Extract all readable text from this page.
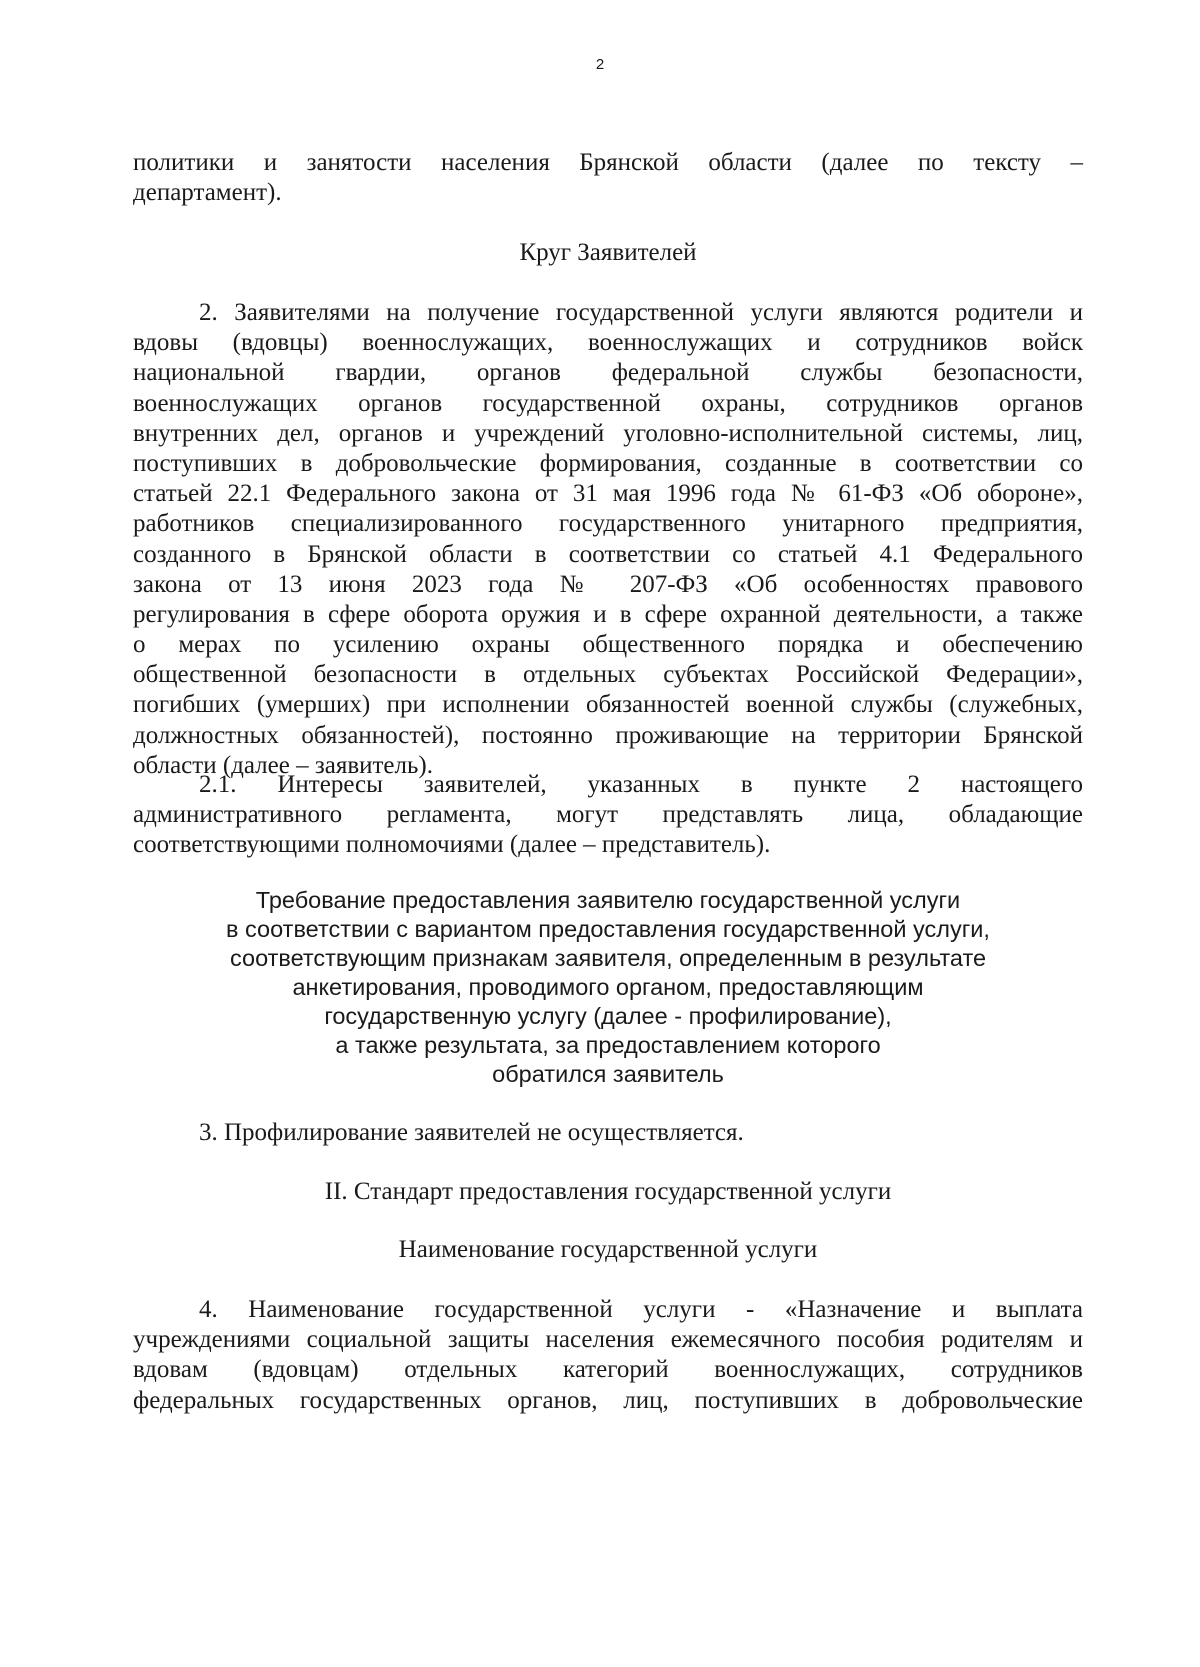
2
политики и занятости населения Брянской области (далее по тексту –
департамент).
Круг Заявителей
2. Заявителями на получение государственной услуги являются родители и
вдовы (вдовцы) военнослужащих, военнослужащих и сотрудников войск
национальной гвардии, органов федеральной службы безопасности,
военнослужащих органов государственной охраны, сотрудников органов
внутренних дел, органов и учреждений уголовно-исполнительной системы, лиц,
поступивших в добровольческие формирования, созданные в соответствии со
статьей 22.1 Федерального закона от 31 мая 1996 года № 61-ФЗ «Об обороне»,
работников специализированного государственного унитарного предприятия,
созданного в Брянской области в соответствии со статьей 4.1 Федерального
закона от 13 июня 2023 года № 207-ФЗ «Об особенностях правового
регулирования в сфере оборота оружия и в сфере охранной деятельности, а также
о мерах по усилению охраны общественного порядка и обеспечению
общественной безопасности в отдельных субъектах Российской Федерации»,
погибших (умерших) при исполнении обязанностей военной службы (служебных,
должностных обязанностей), постоянно проживающие на территории Брянской
области (далее – заявитель).
2.1. Интересы заявителей, указанных в пункте 2 настоящего
административного регламента, могут представлять лица, обладающие
соответствующими полномочиями (далее – представитель).
Требование предоставления заявителю государственной услуги
в соответствии с вариантом предоставления государственной услуги,
соответствующим признакам заявителя, определенным в результате
анкетирования, проводимого органом, предоставляющим
государственную услугу (далее - профилирование),
а также результата, за предоставлением которого
обратился заявитель
3. Профилирование заявителей не осуществляется.
II. Стандарт предоставления государственной услуги
Наименование государственной услуги
4. Наименование государственной услуги - «Назначение и выплата
учреждениями социальной защиты населения ежемесячного пособия родителям и
вдовам (вдовцам) отдельных категорий военнослужащих, сотрудников
федеральных государственных органов, лиц, поступивших в добровольческие
